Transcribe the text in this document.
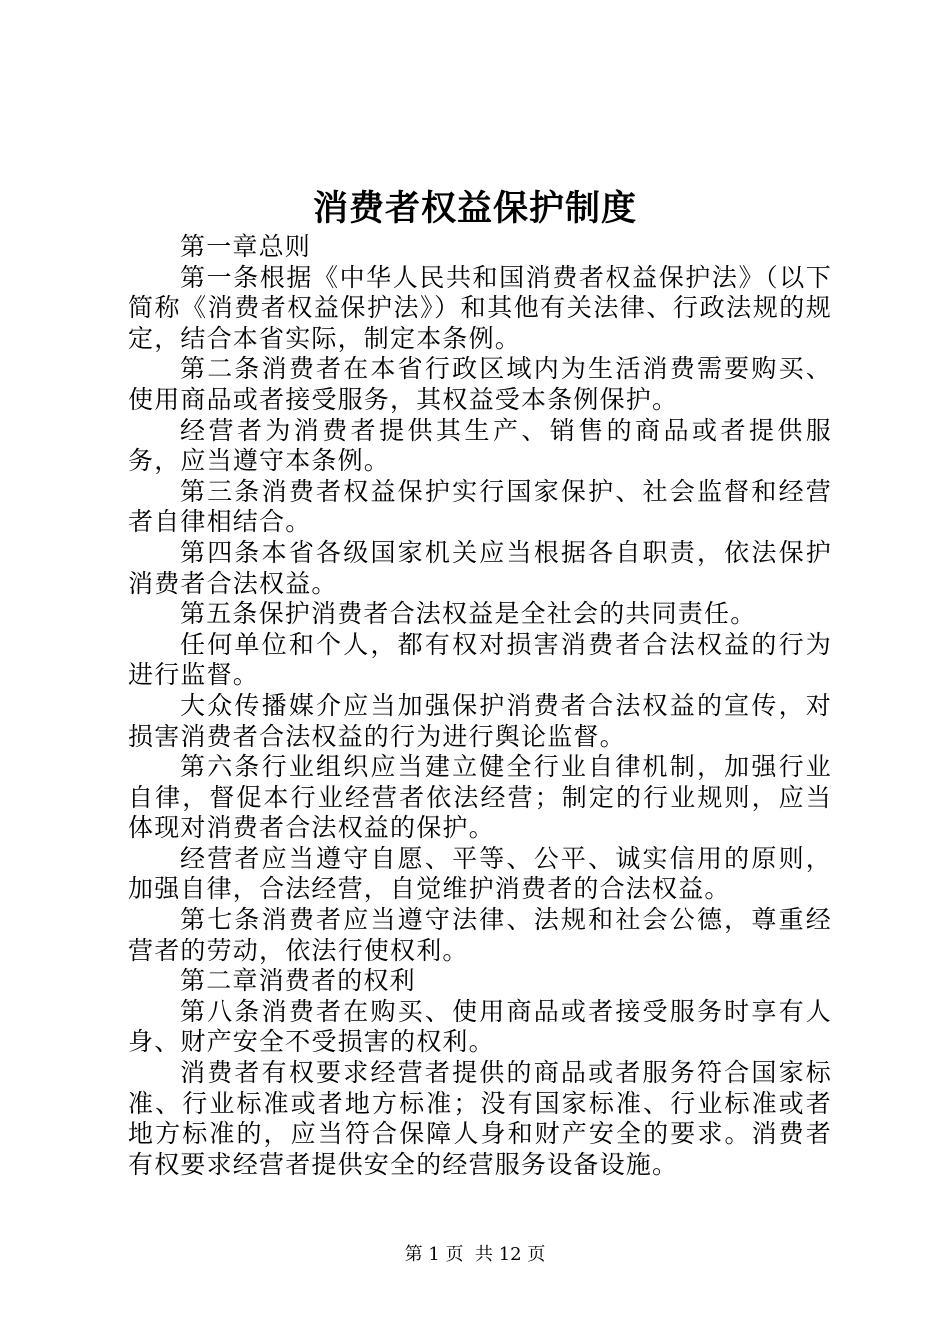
消费者权益保护制度

第一章总则

第一条根据《中华人民共和国消费者权益保护法》（以下简称《消费者权益保护法》）和其他有关法律、行政法规的规定，结合本省实际，制定本条例。

第二条消费者在本省行政区域内为生活消费需要购买、使用商品或者接受服务，其权益受本条例保护。

经营者为消费者提供其生产、销售的商品或者提供服务，应当遵守本条例。

第三条消费者权益保护实行国家保护、社会监督和经营者自律相结合。

第四条本省各级国家机关应当根据各自职责，依法保护消费者合法权益。

第五条保护消费者合法权益是全社会的共同责任。

任何单位和个人，都有权对损害消费者合法权益的行为进行监督。

大众传播媒介应当加强保护消费者合法权益的宣传，对损害消费者合法权益的行为进行舆论监督。

第六条行业组织应当建立健全行业自律机制，加强行业自律，督促本行业经营者依法经营；制定的行业规则，应当体现对消费者合法权益的保护。

经营者应当遵守自愿、平等、公平、诚实信用的原则，加强自律，合法经营，自觉维护消费者的合法权益。

第七条消费者应当遵守法律、法规和社会公德，尊重经营者的劳动，依法行使权利。

第二章消费者的权利

第八条消费者在购买、使用商品或者接受服务时享有人身、财产安全不受损害的权利。

消费者有权要求经营者提供的商品或者服务符合国家标准、行业标准或者地方标准；没有国家标准、行业标准或者地方标准的，应当符合保障人身和财产安全的要求。消费者有权要求经营者提供安全的经营服务设备设施。

第 1 页  共 12 页
